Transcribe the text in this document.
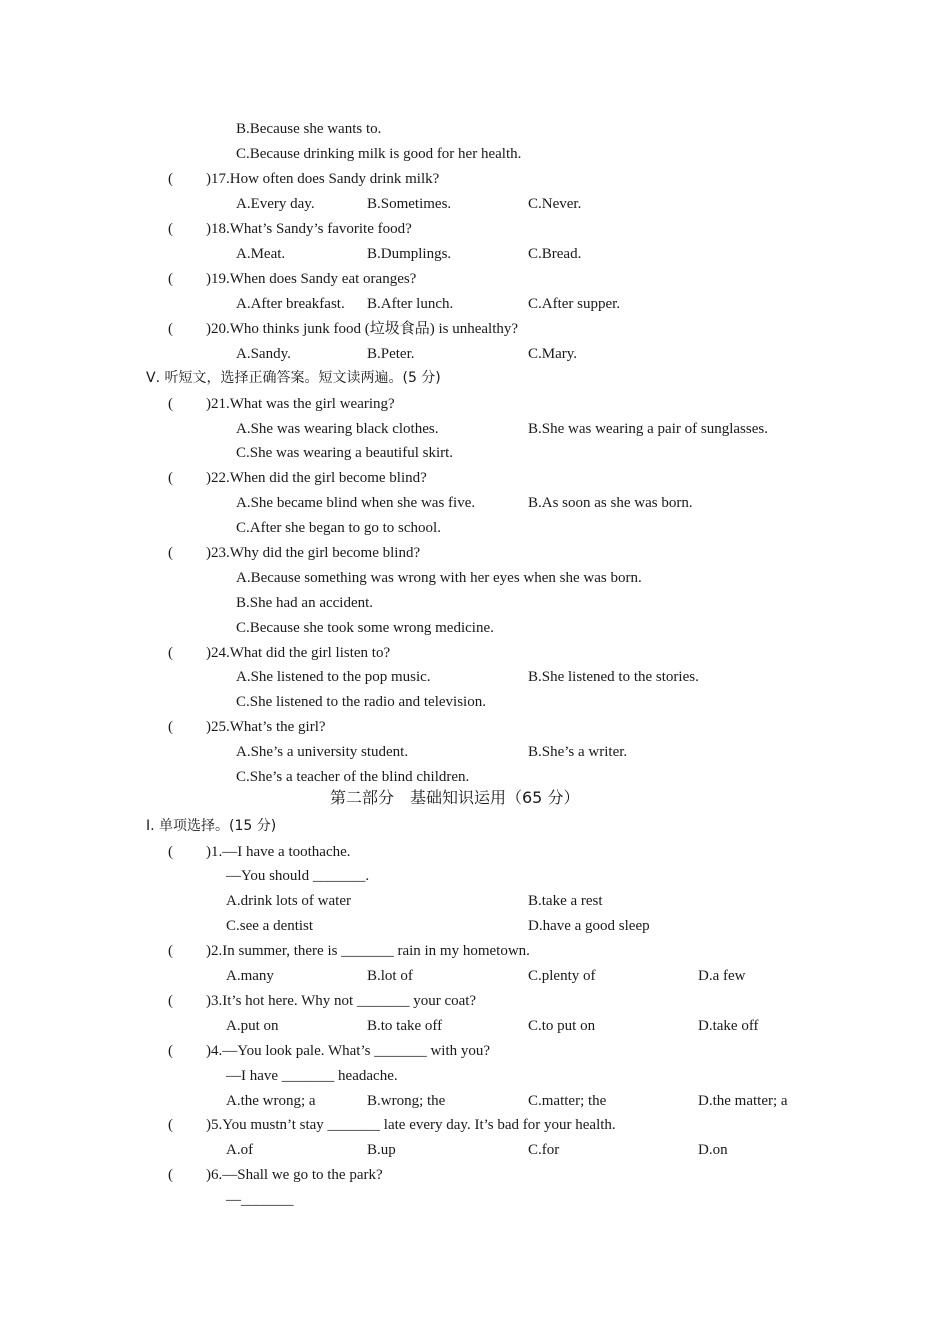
B.Because she wants to.
C.Because drinking milk is good for her health.
( )17.How often does Sandy drink milk?
A.Every day.	B.Sometimes.	C.Never.
( )18.What’s Sandy’s favorite food?
A.Meat.	B.Dumplings.	C.Bread.
( )19.When does Sandy eat oranges?
A.After breakfast. B.After lunch.	C.After supper.
( )20.Who thinks junk food (垃圾食品) is unhealthy?
A.Sandy.	B.Peter.	C.Mary.
Ⅴ. 听短文，选择正确答案。短文读两遍。(5 分)
( )21.What was the girl wearing?
A.She was wearing black clothes.	B.She was wearing a pair of sunglasses.
C.She was wearing a beautiful skirt.
( )22.When did the girl become blind?
A.She became blind when she was five.	B.As soon as she was born.
C.After she began to go to school.
( )23.Why did the girl become blind?
A.Because something was wrong with her eyes when she was born.
B.She had an accident.
C.Because she took some wrong medicine.
( )24.What did the girl listen to?
A.She listened to the pop music.	B.She listened to the stories.
C.She listened to the radio and television.
( )25.What’s the girl?
A.She’s a university student.	B.She’s a writer.
C.She’s a teacher of the blind children.
第二部分　基础知识运用（65 分）
Ⅰ. 单项选择。(15 分)
( )1.—I have a toothache.
—You should _______.
A.drink lots of water	B.take a rest
C.see a dentist	D.have a good sleep
( )2.In summer, there is _______ rain in my hometown.
A.many	B.lot of	C.plenty of	D.a few
( )3.It’s hot here. Why not _______ your coat?
A.put on	B.to take off	C.to put on	D.take off
( )4.—You look pale. What’s _______ with you?
—I have _______ headache.
A.the wrong; a	B.wrong; the	C.matter; the	D.the matter; a
( )5.You mustn’t stay _______ late every day. It’s bad for your health.
A.of	B.up	C.for	D.on
( )6.—Shall we go to the park?
—_______
